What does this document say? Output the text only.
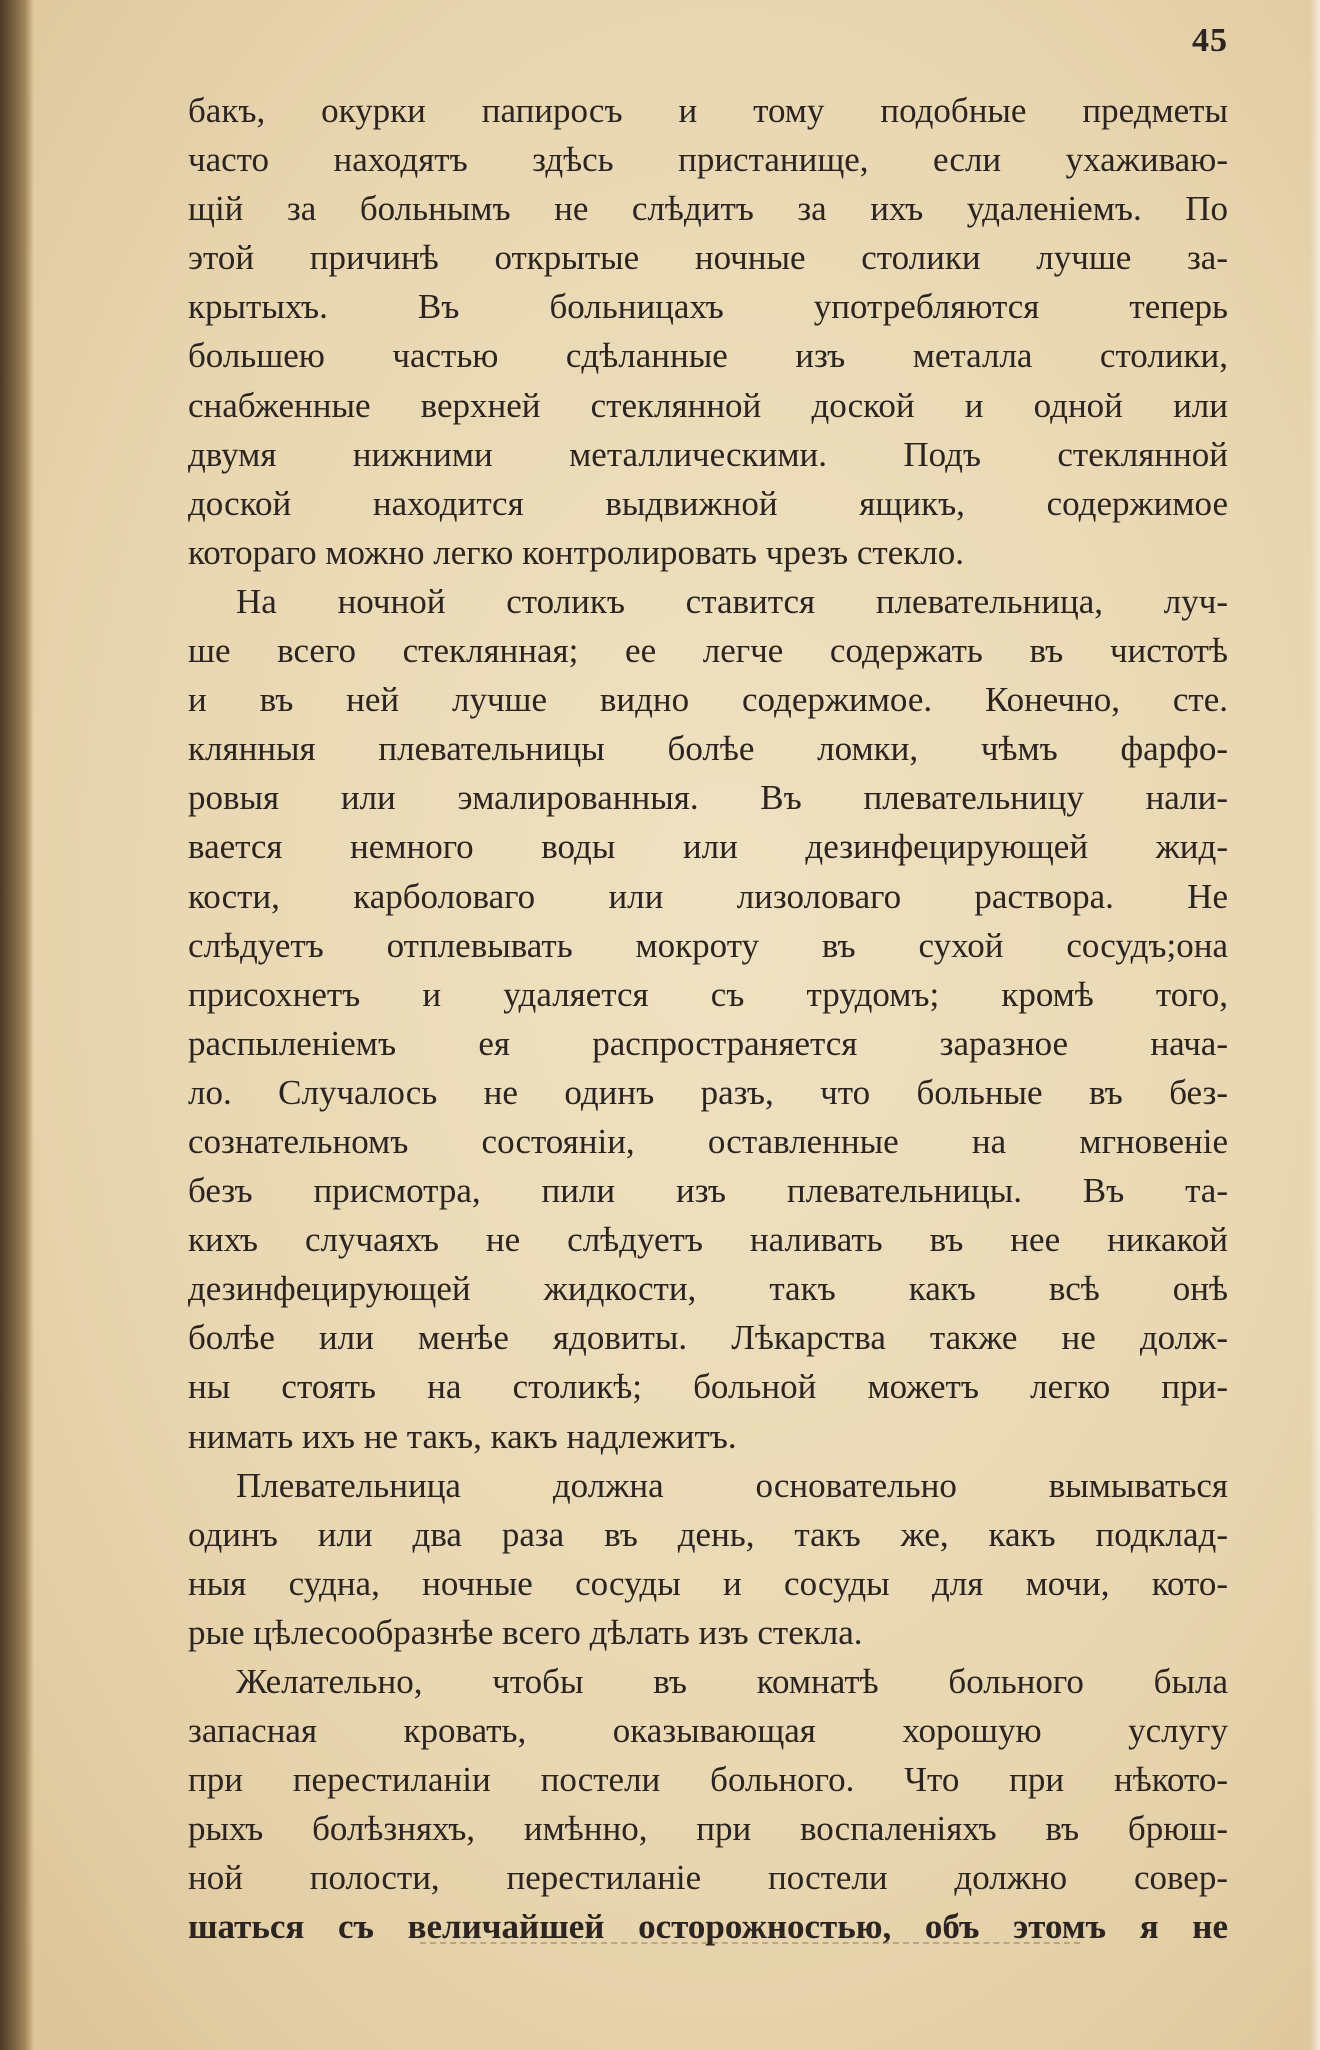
45
бакъ, окурки папиросъ и тому подобные предметы
часто находятъ здѣсь пристанище, если ухаживаю-
щій за больнымъ не слѣдитъ за ихъ удаленіемъ. По
этой причинѣ открытые ночные столики лучше за-
крытыхъ. Въ больницахъ употребляются теперь
большею частью сдѣланные изъ металла столики,
снабженные верхней стеклянной доской и одной или
двумя нижними металлическими. Подъ стеклянной
доской находится выдвижной ящикъ, содержимое
котораго можно легко контролировать чрезъ стекло.
На ночной столикъ ставится плевательница, луч-
ше всего стеклянная; ее легче содержать въ чистотѣ
и въ ней лучше видно содержимое. Конечно, сте.
клянныя плевательницы болѣе ломки, чѣмъ фарфо-
ровыя или эмалированныя. Въ плевательницу нали-
вается немного воды или дезинфецирующей жид-
кости, карболоваго или лизоловаго раствора. Не
слѣдуетъ отплевывать мокроту въ сухой сосудъ;она
присохнетъ и удаляется съ трудомъ; кромѣ того,
распыленіемъ ея распространяется заразное нача-
ло. Случалось не одинъ разъ, что больные въ без-
сознательномъ состояніи, оставленные на мгновеніе
безъ присмотра, пили изъ плевательницы. Въ та-
кихъ случаяхъ не слѣдуетъ наливать въ нее никакой
дезинфецирующей жидкости, такъ какъ всѣ онѣ
болѣе или менѣе ядовиты. Лѣкарства также не долж-
ны стоять на столикѣ; больной можетъ легко при-
нимать ихъ не такъ, какъ надлежитъ.
Плевательница должна основательно вымываться
одинъ или два раза въ день, такъ же, какъ подклад-
ныя судна, ночные сосуды и сосуды для мочи, кото-
рые цѣлесообразнѣе всего дѣлать изъ стекла.
Желательно, чтобы въ комнатѣ больного была
запасная кровать, оказывающая хорошую услугу
при перестиланіи постели больного. Что при нѣкото-
рыхъ болѣзняхъ, имѣнно, при воспаленіяхъ въ брюш-
ной полости, перестиланіе постели должно совер-
шаться съ величайшей осторожностью, объ этомъ я не
